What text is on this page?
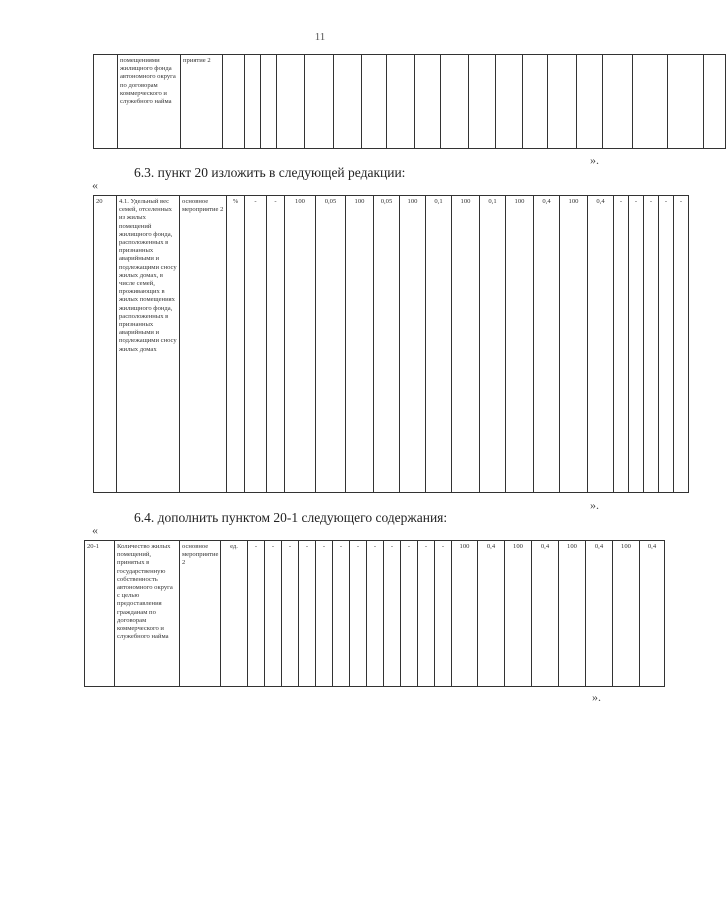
11
	помещениями жилищного фонда автономного округа по договорам коммерческого и служебного найма	приятие 2																			
».
6.3. пункт 20 изложить в следующей редакции:
«
20	4.1. Удельный вес семей, отселенных из жилых помещений жилищного фонда, расположенных в признанных аварийными и подлежащими сносу жилых домах, в числе семей, проживающих в жилых помещениях жилищного фонда, расположенных в признанных аварийными и подлежащими сносу жилых домах	основное мероприятие 2	%	-	-	100	0,05	100	0,05	100	0,1	100	0,1	100	0,4	100	0,4	-	-	-	-	-
».
6.4. дополнить пунктом 20-1 следующего содержания:
«
20-1	Количество жилых помещений, принятых в государственную собственность автономного округа с целью предоставления гражданам по договорам коммерческого и служебного найма	основное мероприятие 2	ед.	-	-	-	-	-	-	-	-	-	-	-	-	100	0,4	100	0,4	100	0,4	100	0,4
».
